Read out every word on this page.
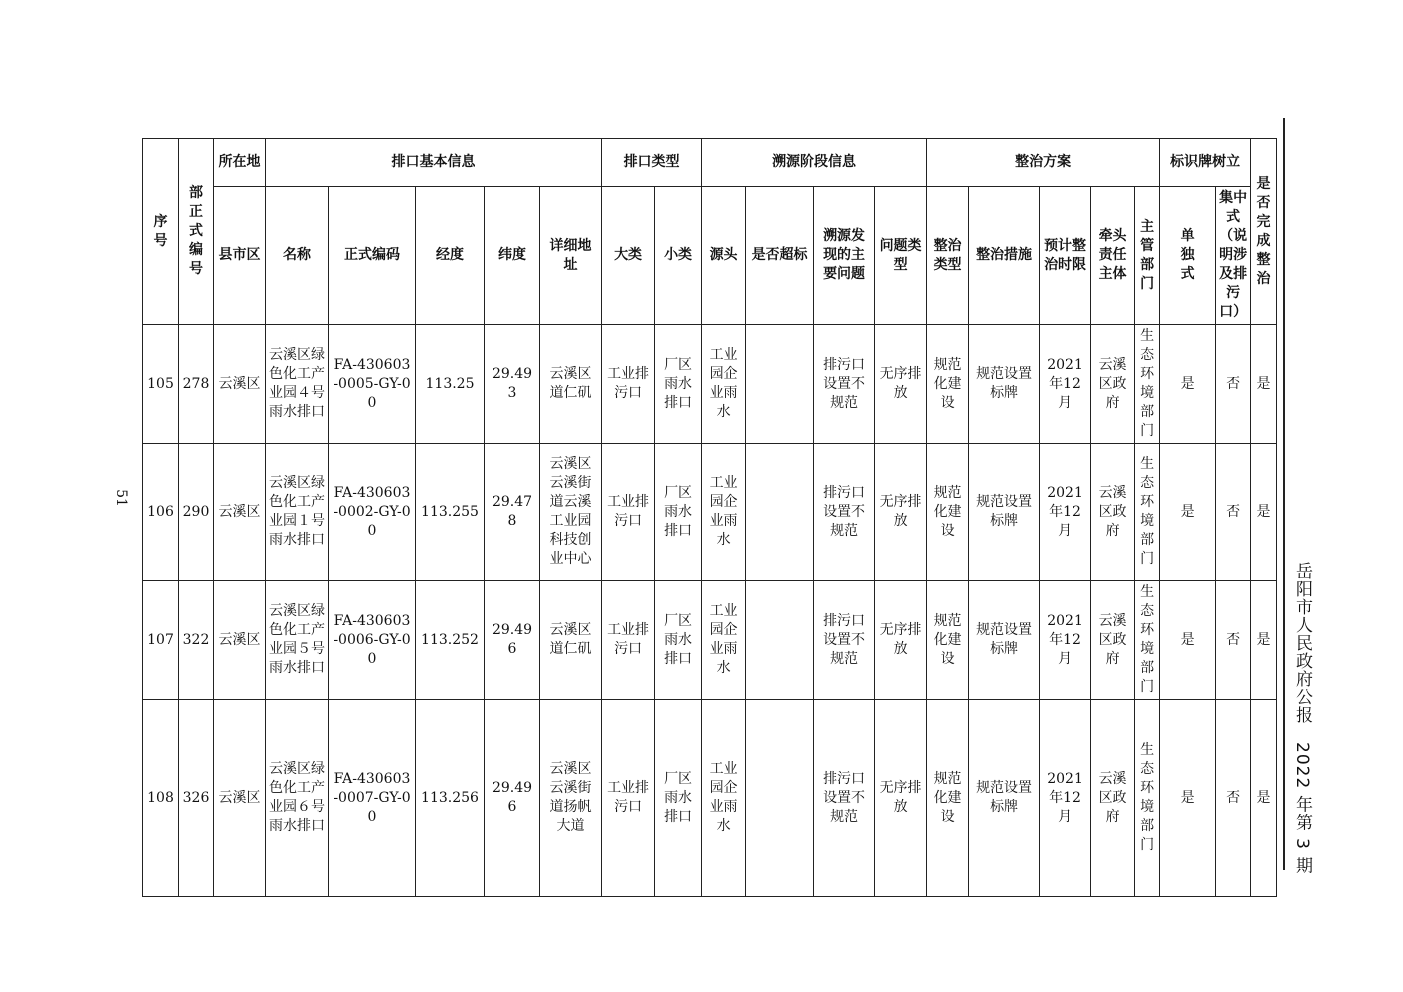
51
序号	部正式编号	所在地	排口基本信息					排口类型		溯源阶段信息				整治方案					标识牌树立		是否完成整治
		县市区	名称	正式编码	经度	纬度	详细地址	大类	小类	源头	是否超标	溯源发现的主要问题	问题类型	整治类型	整治措施	预计整治时限	牵头责任主体	主管部门	单独式	集中式（说明涉及排污口）	
105	278	云溪区	云溪区绿色化工产业园４号雨水排口	FA-430603-0005-GY-00	113.25	29.493	云溪区道仁矶	工业排污口	厂区雨水排口	工业园企业雨水		排污口设置不规范	无序排放	规范化建设	规范设置标牌	2021年12月	云溪区政府	生态环境部门	是	否	是
106	290	云溪区	云溪区绿色化工产业园１号雨水排口	FA-430603-0002-GY-00	113.255	29.478	云溪区云溪街道云溪工业园科技创业中心	工业排污口	厂区雨水排口	工业园企业雨水		排污口设置不规范	无序排放	规范化建设	规范设置标牌	2021年12月	云溪区政府	生态环境部门	是	否	是
107	322	云溪区	云溪区绿色化工产业园５号雨水排口	FA-430603-0006-GY-00	113.252	29.496	云溪区道仁矶	工业排污口	厂区雨水排口	工业园企业雨水		排污口设置不规范	无序排放	规范化建设	规范设置标牌	2021年12月	云溪区政府	生态环境部门	是	否	是
108	326	云溪区	云溪区绿色化工产业园６号雨水排口	FA-430603-0007-GY-00	113.256	29.496	云溪区云溪街道扬帆大道	工业排污口	厂区雨水排口	工业园企业雨水		排污口设置不规范	无序排放	规范化建设	规范设置标牌	2021年12月	云溪区政府	生态环境部门	是	否	是
岳阳市人民政府公报　2022 年第 3 期
